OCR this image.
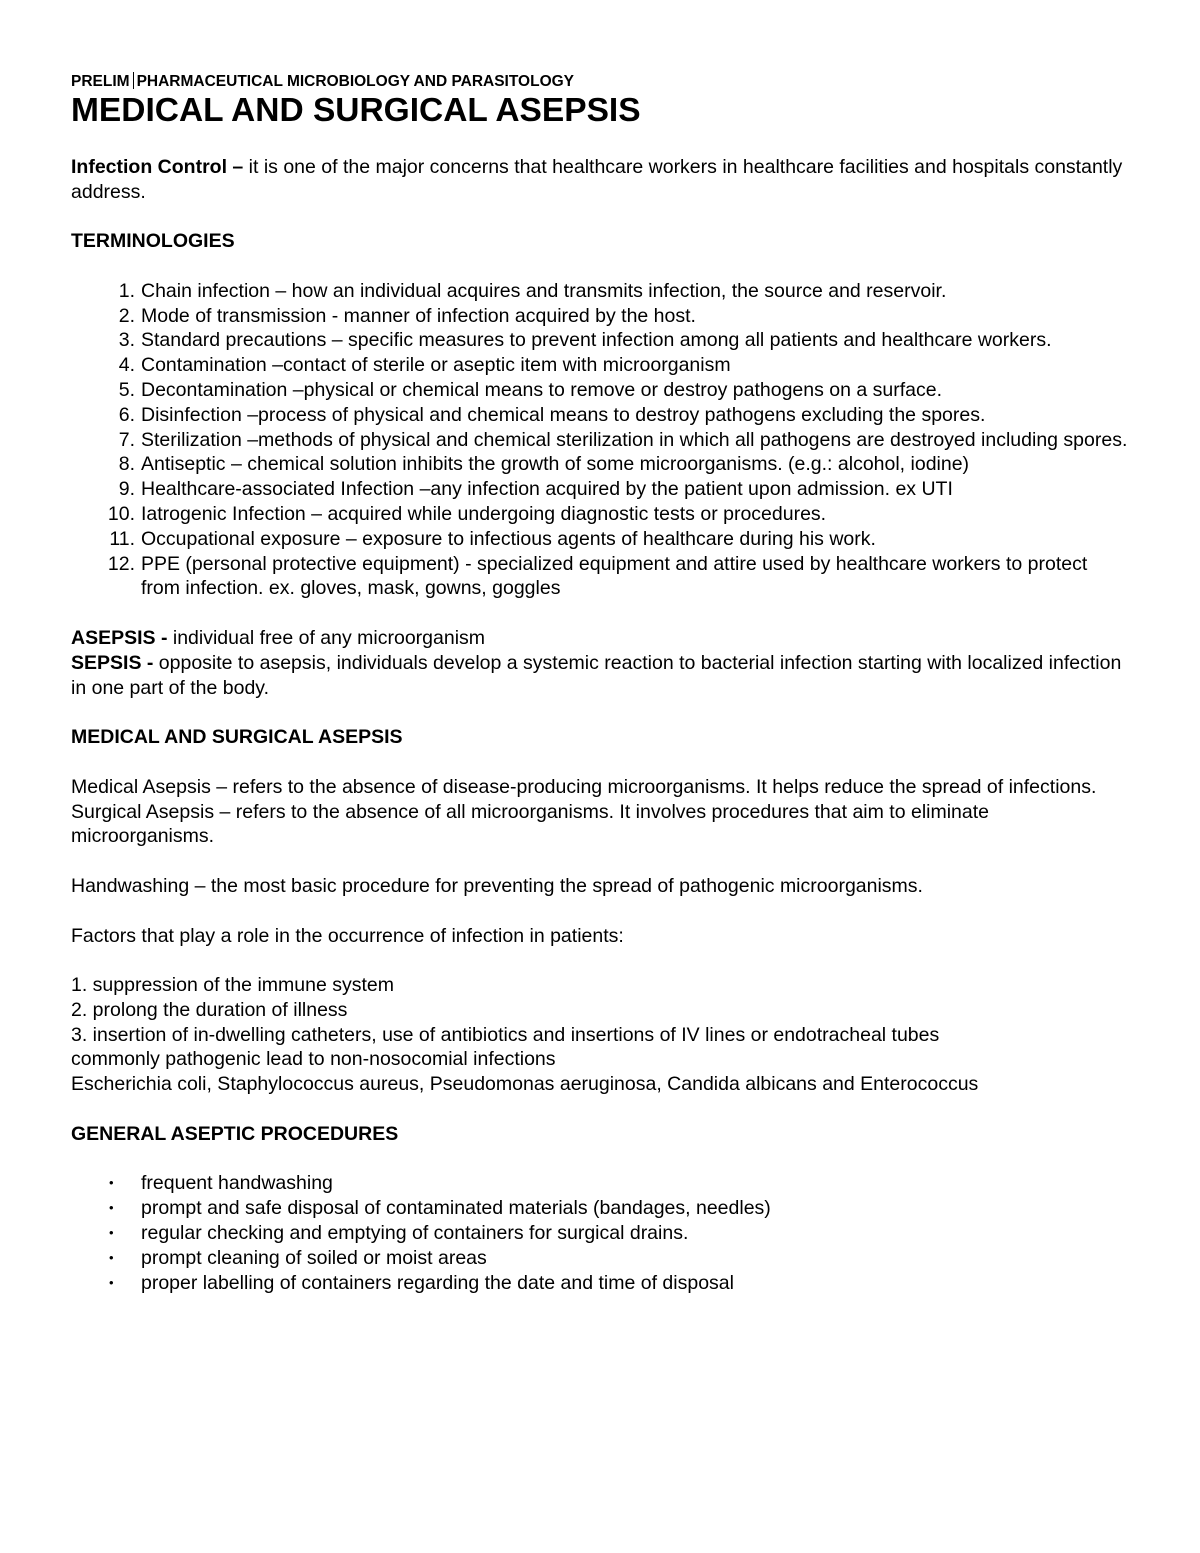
PRELIM PHARMACEUTICAL MICROBIOLOGY AND PARASITOLOGY
MEDICAL AND SURGICAL ASEPSIS

Infection Control – it is one of the major concerns that healthcare workers in healthcare facilities and hospitals constantly address.

TERMINOLOGIES

1. Chain infection – how an individual acquires and transmits infection, the source and reservoir.
2. Mode of transmission - manner of infection acquired by the host.
3. Standard precautions – specific measures to prevent infection among all patients and healthcare workers.
4. Contamination –contact of sterile or aseptic item with microorganism
5. Decontamination –physical or chemical means to remove or destroy pathogens on a surface.
6. Disinfection –process of physical and chemical means to destroy pathogens excluding the spores.
7. Sterilization –methods of physical and chemical sterilization in which all pathogens are destroyed including spores.
8. Antiseptic – chemical solution inhibits the growth of some microorganisms. (e.g.: alcohol, iodine)
9. Healthcare-associated Infection –any infection acquired by the patient upon admission. ex UTI
10. Iatrogenic Infection – acquired while undergoing diagnostic tests or procedures.
11. Occupational exposure – exposure to infectious agents of healthcare during his work.
12. PPE (personal protective equipment) - specialized equipment and attire used by healthcare workers to protect from infection. ex. gloves, mask, gowns, goggles

ASEPSIS - individual free of any microorganism

SEPSIS - opposite to asepsis, individuals develop a systemic reaction to bacterial infection starting with localized infection in one part of the body.

MEDICAL AND SURGICAL ASEPSIS

Medical Asepsis – refers to the absence of disease-producing microorganisms. It helps reduce the spread of infections.

Surgical Asepsis – refers to the absence of all microorganisms. It involves procedures that aim to eliminate microorganisms.

Handwashing – the most basic procedure for preventing the spread of pathogenic microorganisms.

Factors that play a role in the occurrence of infection in patients:

1. suppression of the immune system

2. prolong the duration of illness

3. insertion of in-dwelling catheters, use of antibiotics and insertions of IV lines or endotracheal tubes

commonly pathogenic lead to non-nosocomial infections

Escherichia coli, Staphylococcus aureus, Pseudomonas aeruginosa, Candida albicans and Enterococcus

GENERAL ASEPTIC PROCEDURES

• frequent handwashing
• prompt and safe disposal of contaminated materials (bandages, needles)
• regular checking and emptying of containers for surgical drains.
• prompt cleaning of soiled or moist areas
• proper labelling of containers regarding the date and time of disposal
